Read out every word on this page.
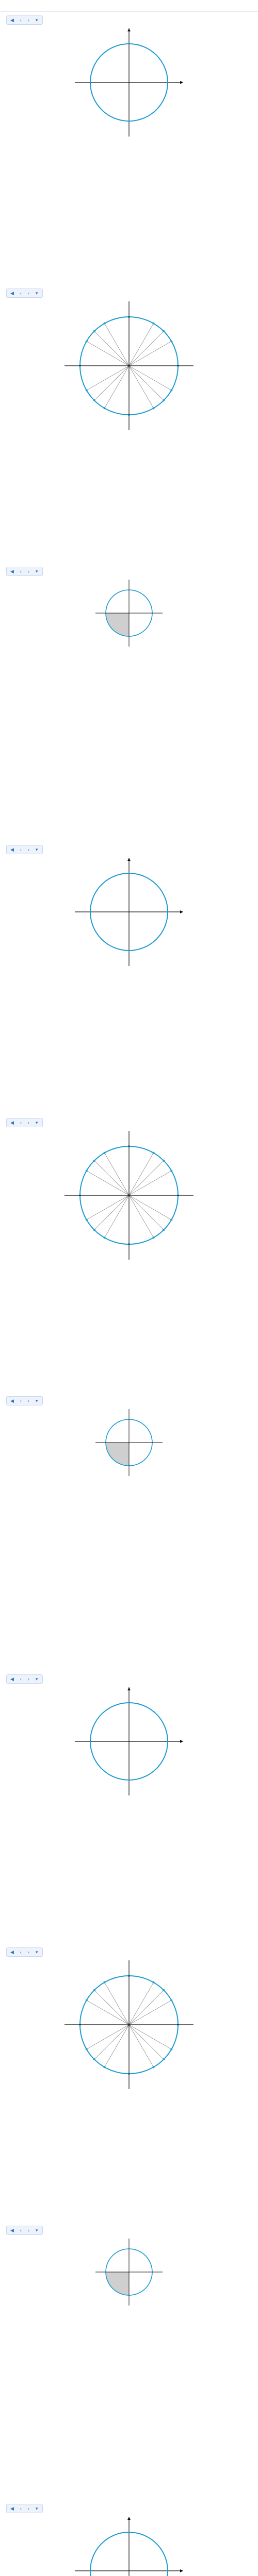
◀ ‹ › ▾
◀ ‹ › ▾
◀ ‹ › ▾
◀ ‹ › ▾
◀ ‹ › ▾
◀ ‹ › ▾
◀ ‹ › ▾
◀ ‹ › ▾
◀ ‹ › ▾
◀ ‹ › ▾
